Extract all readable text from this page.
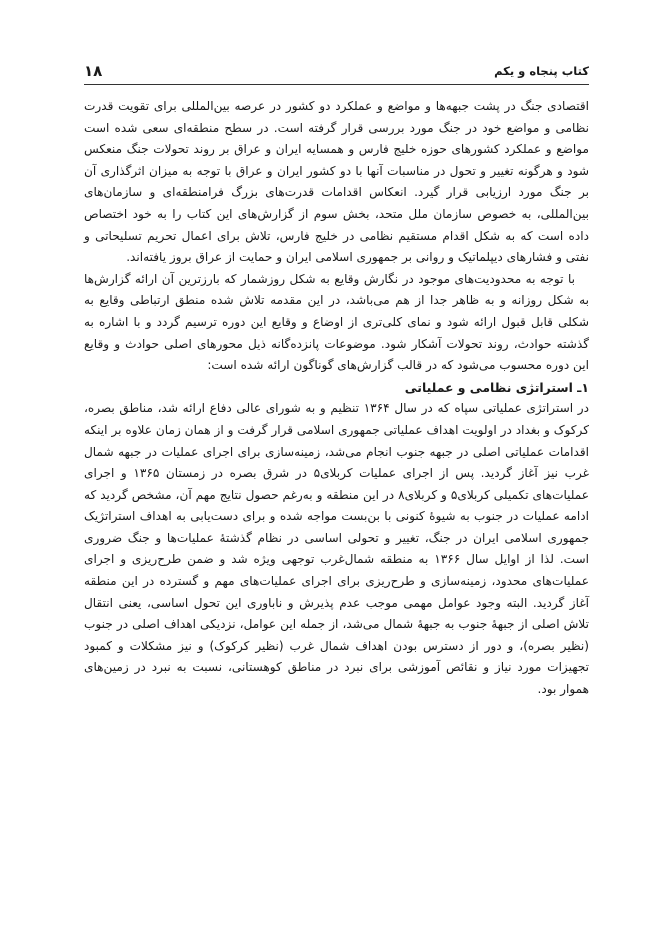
۱۸	کتاب پنجاه و یکم

اقتصادی جنگ در پشت جبهه‌ها و مواضع و عملکرد دو کشور در عرصه بین‌المللی برای تقویت قدرت نظامی و مواضع خود در جنگ مورد بررسی قرار گرفته است. در سطح منطقه‌ای سعی شده است مواضع و عملکرد کشورهای حوزه خلیج فارس و همسایه ایران و عراق بر روند تحولات جنگ منعکس شود و هرگونه تغییر و تحول در مناسبات آنها با دو کشور ایران و عراق با توجه به میزان اثرگذاری آن بر جنگ مورد ارزیابی قرار گیرد. انعکاس اقدامات قدرت‌های بزرگ فرامنطقه‌ای و سازمان‌های بین‌المللی، به خصوص سازمان ملل متحد، بخش سوم از گزارش‌های این کتاب را به خود اختصاص داده است که به شکل اقدام مستقیم نظامی در خلیج فارس، تلاش برای اعمال تحریم تسلیحاتی و نفتی و فشارهای دیپلماتیک و روانی بر جمهوری اسلامی ایران و حمایت از عراق بروز یافته‌اند.

با توجه به محدودیت‌های موجود در نگارش وقایع به شکل روزشمار که بارزترین آن ارائه گزارش‌ها به شکل روزانه و به ظاهر جدا از هم می‌باشد، در این مقدمه تلاش شده منطق ارتباطی وقایع به شکلی قابل قبول ارائه شود و نمای کلی‌تری از اوضاع و وقایع این دوره ترسیم گردد و با اشاره به گذشته حوادث، روند تحولات آشکار شود. موضوعات پانزده‌گانه ذیل محورهای اصلی حوادث و وقایع این دوره محسوب می‌شود که در قالب گزارش‌های گوناگون ارائه شده است:

۱ـ استراتژی نظامی و عملیاتی

در استراتژی عملیاتی سپاه که در سال ۱۳۶۴ تنظیم و به شورای عالی دفاع ارائه شد، مناطق بصره، کرکوک و بغداد در اولویت اهداف عملیاتی جمهوری اسلامی قرار گرفت و از همان زمان علاوه بر اینکه اقدامات عملیاتی اصلی در جبهه جنوب انجام می‌شد، زمینه‌سازی برای اجرای عملیات در جبهه شمال غرب نیز آغاز گردید. پس از اجرای عملیات کربلای۵ در شرق بصره در زمستان ۱۳۶۵ و اجرای عملیات‌های تکمیلی کربلای۵ و کربلای۸ در این منطقه و به‌رغم حصول نتایج مهم آن، مشخص گردید که ادامه عملیات در جنوب به شیوهٔ کنونی با بن‌بست مواجه شده و برای دست‌یابی به اهداف استراتژیک جمهوری اسلامی ایران در جنگ، تغییر و تحولی اساسی در نظام گذشتهٔ عملیات‌ها و جنگ ضروری است. لذا از اوایل سال ۱۳۶۶ به منطقه شمال‌غرب توجهی ویژه شد و ضمن طرح‌ریزی و اجرای عملیات‌های محدود، زمینه‌سازی و طرح‌ریزی برای اجرای عملیات‌های مهم و گسترده در این منطقه آغاز گردید. البته وجود عوامل مهمی موجب عدم پذیرش و ناباوری این تحول اساسی، یعنی انتقال تلاش اصلی از جبههٔ جنوب به جبههٔ شمال می‌شد، از جمله این عوامل، نزدیکی اهداف اصلی در جنوب (نظیر بصره)، و دور از دسترس بودن اهداف شمال غرب (نظیر کرکوک) و نیز مشکلات و کمبود تجهیزات مورد نیاز و نقائص آموزشی برای نبرد در مناطق کوهستانی، نسبت به نبرد در زمین‌های هموار بود.
